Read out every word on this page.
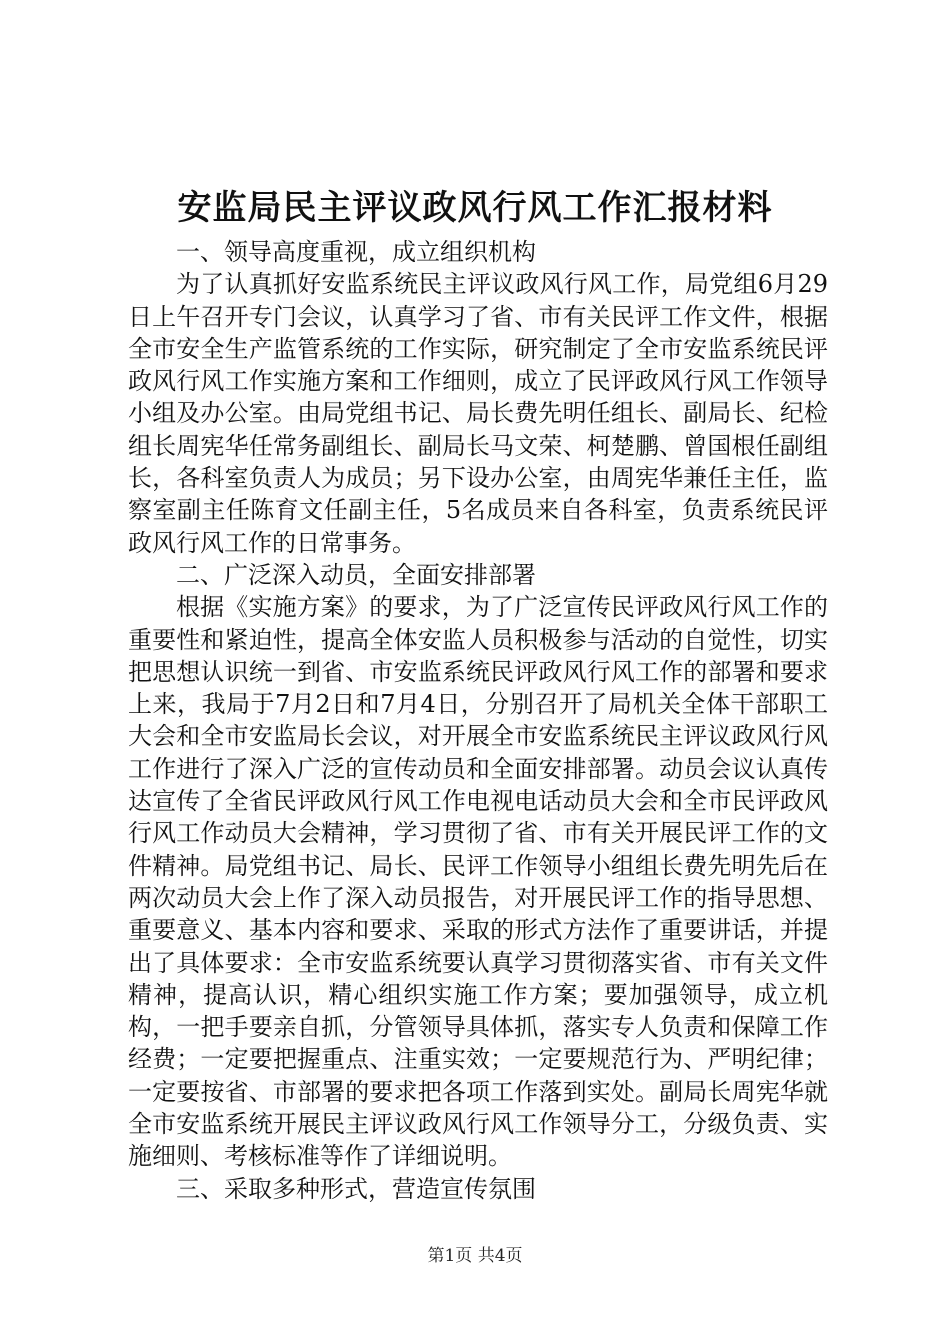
安监局民主评议政风行风工作汇报材料

一、领导高度重视，成立组织机构

为了认真抓好安监系统民主评议政风行风工作，局党组6月29日上午召开专门会议，认真学习了省、市有关民评工作文件，根据全市安全生产监管系统的工作实际，研究制定了全市安监系统民评政风行风工作实施方案和工作细则，成立了民评政风行风工作领导小组及办公室。由局党组书记、局长费先明任组长、副局长、纪检组长周宪华任常务副组长、副局长马文荣、柯楚鹏、曾国根任副组长，各科室负责人为成员；另下设办公室，由周宪华兼任主任，监察室副主任陈育文任副主任，5名成员来自各科室，负责系统民评政风行风工作的日常事务。

二、广泛深入动员，全面安排部署

根据《实施方案》的要求，为了广泛宣传民评政风行风工作的重要性和紧迫性，提高全体安监人员积极参与活动的自觉性，切实把思想认识统一到省、市安监系统民评政风行风工作的部署和要求上来，我局于7月2日和7月4日，分别召开了局机关全体干部职工大会和全市安监局长会议，对开展全市安监系统民主评议政风行风工作进行了深入广泛的宣传动员和全面安排部署。动员会议认真传达宣传了全省民评政风行风工作电视电话动员大会和全市民评政风行风工作动员大会精神，学习贯彻了省、市有关开展民评工作的文件精神。局党组书记、局长、民评工作领导小组组长费先明先后在两次动员大会上作了深入动员报告，对开展民评工作的指导思想、重要意义、基本内容和要求、采取的形式方法作了重要讲话，并提出了具体要求：全市安监系统要认真学习贯彻落实省、市有关文件精神，提高认识，精心组织实施工作方案；要加强领导，成立机构，一把手要亲自抓，分管领导具体抓，落实专人负责和保障工作经费；一定要把握重点、注重实效；一定要规范行为、严明纪律；一定要按省、市部署的要求把各项工作落到实处。副局长周宪华就全市安监系统开展民主评议政风行风工作领导分工，分级负责、实施细则、考核标准等作了详细说明。

三、采取多种形式，营造宣传氛围

第1页 共4页
